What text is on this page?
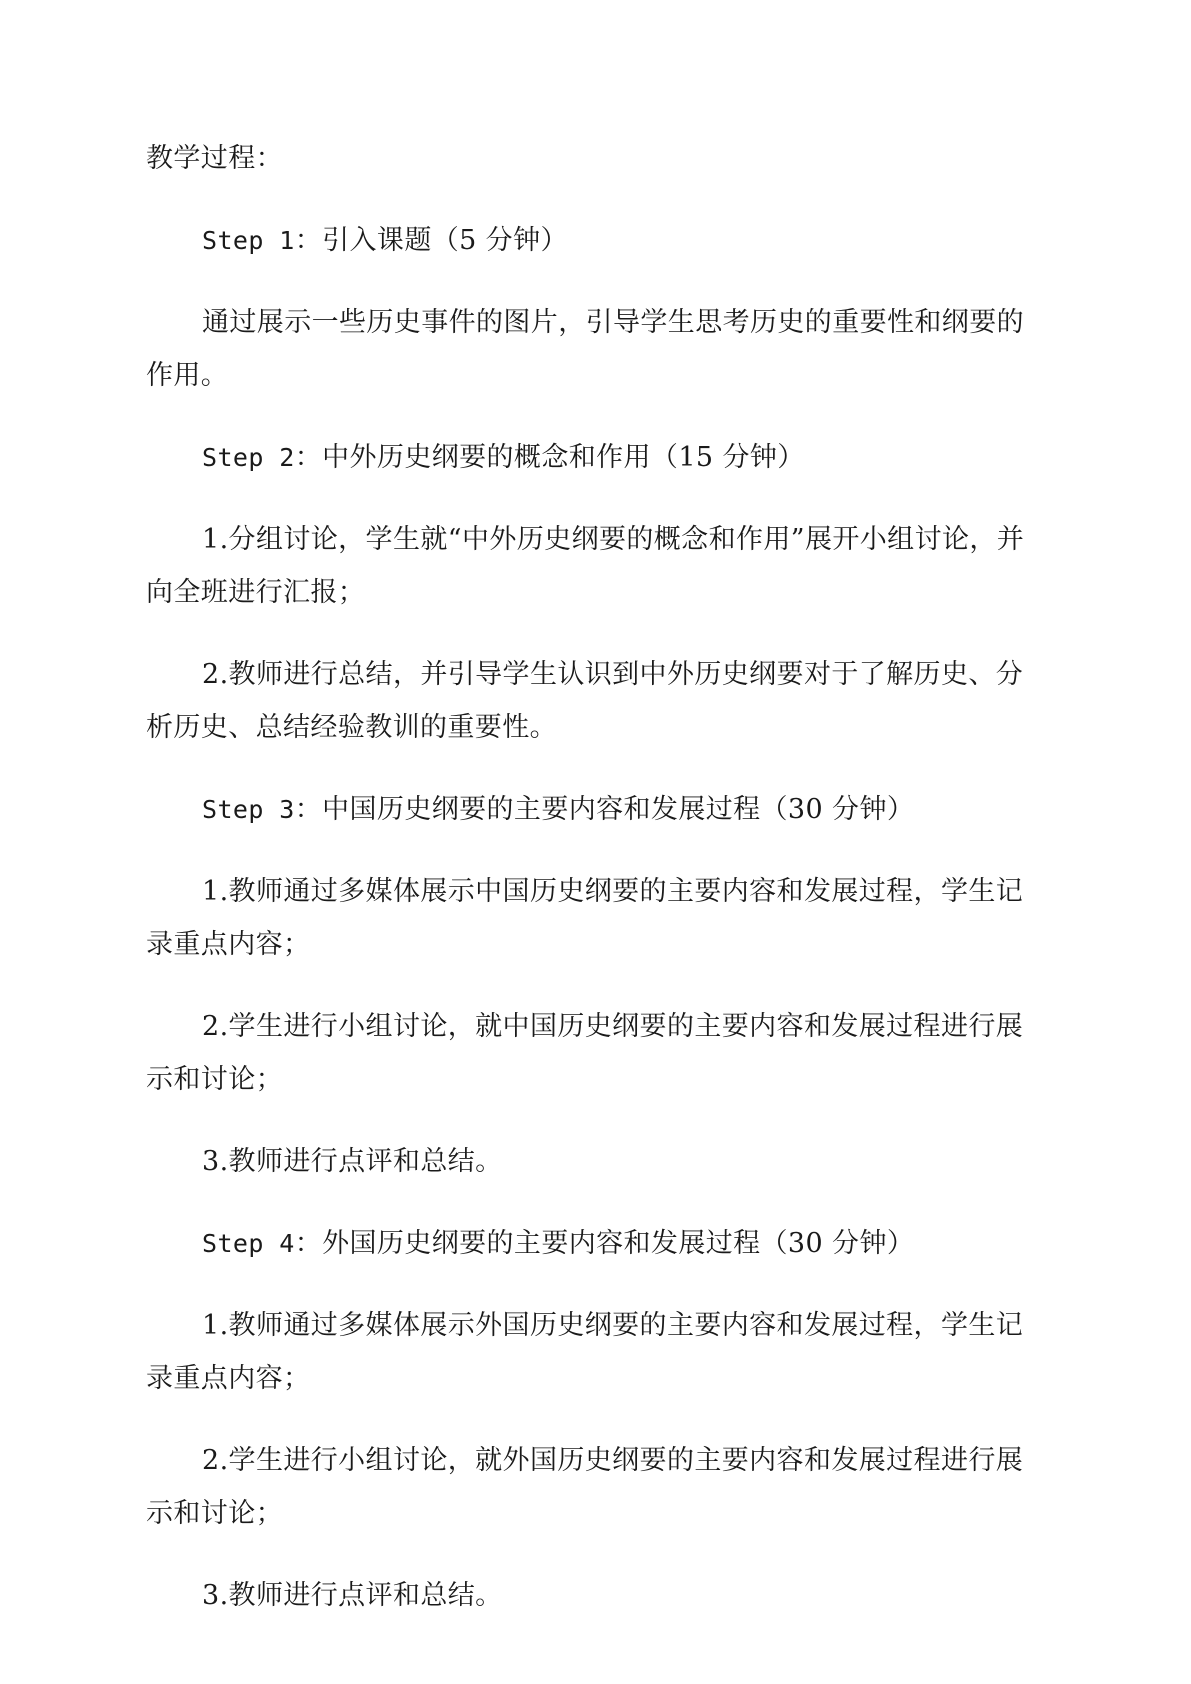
教学过程：

Step 1：引入课题（5 分钟）

通过展示一些历史事件的图片，引导学生思考历史的重要性和纲要的作用。

Step 2：中外历史纲要的概念和作用（15 分钟）

1.分组讨论，学生就“中外历史纲要的概念和作用”展开小组讨论，并向全班进行汇报；

2.教师进行总结，并引导学生认识到中外历史纲要对于了解历史、分析历史、总结经验教训的重要性。

Step 3：中国历史纲要的主要内容和发展过程（30 分钟）

1.教师通过多媒体展示中国历史纲要的主要内容和发展过程，学生记录重点内容；

2.学生进行小组讨论，就中国历史纲要的主要内容和发展过程进行展示和讨论；

3.教师进行点评和总结。

Step 4：外国历史纲要的主要内容和发展过程（30 分钟）

1.教师通过多媒体展示外国历史纲要的主要内容和发展过程，学生记录重点内容；

2.学生进行小组讨论，就外国历史纲要的主要内容和发展过程进行展示和讨论；

3.教师进行点评和总结。
